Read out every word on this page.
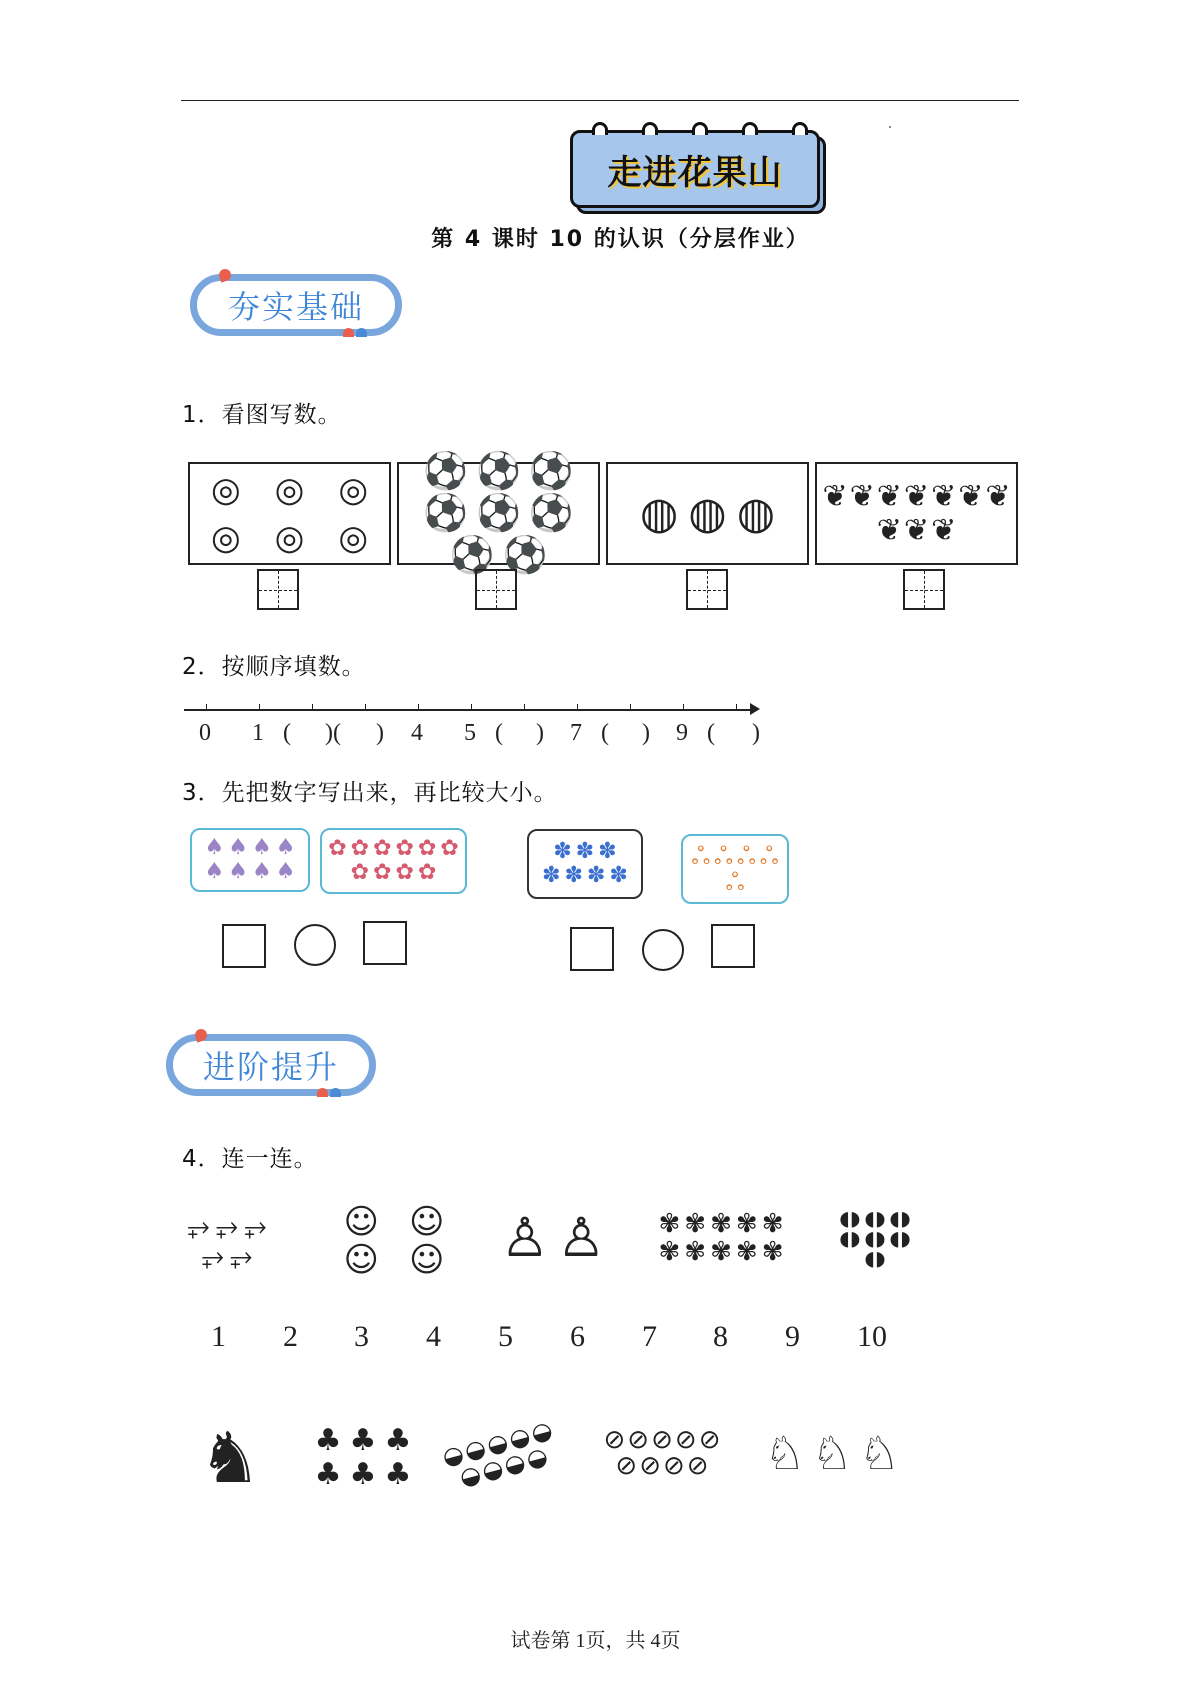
走进花果山
第 4 课时 10 的认识（分层作业）
夯实基础
1．看图写数。
◎ ◎ ◎
◎ ◎ ◎
⚽ ⚽ ⚽
⚽ ⚽ ⚽
⚽ ⚽
◍ ◍ ◍ ❦ ❦ ❦ ❦ ❦ ❦ ❦
❦ ❦ ❦
2．按顺序填数。
0 1 ( )( ) 4 5 ( ) 7 ( ) 9 ( )
3．先把数字写出来，再比较大小。
♠ ♠ ♠ ♠
♠ ♠ ♠ ♠
✿ ✿ ✿ ✿ ✿ ✿
✿ ✿ ✿ ✿
✽ ✽ ✽
✽ ✽ ✽ ✽
ஃ ஃ ஃ ஃ
ஃ
进阶提升
4．连一连。
⥅ ⥅ ⥅
⥅ ⥅
☺ ☺
☺ ☺ ♙ ♙ ✾ ✾ ✾ ✾ ✾
✾ ✾ ✾ ✾ ✾
◖◗ ◖◗ ◖◗
◖◗ ◖◗ ◖◗
◖◗
1 2 3 4 5 6 7 8 9 10
♞ ♣ ♣ ♣
♣ ♣ ♣
◒
◒
◒
◒
◒
◒
◒
◒
◒
⊘ ⊘ ⊘ ⊘ ⊘
⊘ ⊘ ⊘ ⊘ ♘ ♘ ♘
试卷第 1页，共 4页
